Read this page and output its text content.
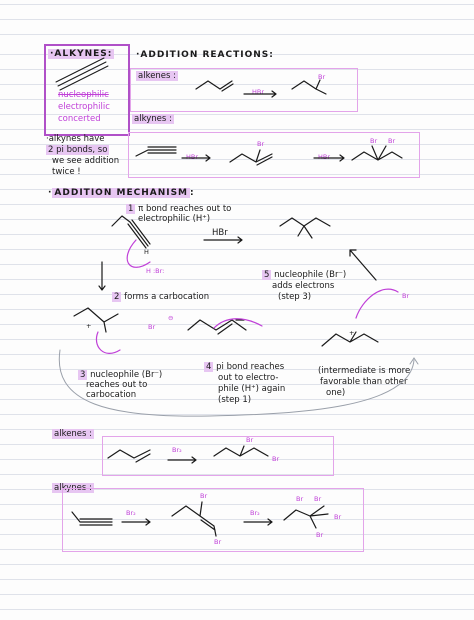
·ALKYNES:
nucleophilic
electrophilic
concerted
·ADDITION REACTIONS:
alkenes :
alkynes :
HBr
Br
·alkynes have
2 pi bonds, so
we see addition
twice !
HBr
Br
HBr
Br Br
· ADDITION MECHANISM :
1 π bond reaches out to
electrophilic (H⁺)
HBr
H
H :Br:
2 forms a carbocation
3 nucleophile (Br⁻)
reaches out to
carbocation
4 pi bond reaches
out to electro-
phile (H⁺) again
(step 1)
5 nucleophile (Br⁻)
adds electrons
(step 3)
(intermediate is more
favorable than other
one)
+
⊖
Br
Br
+
alkenes :
Br₂
Br
Br
alkynes :
Br₂
Br
Br
Br₂
Br Br
Br
Br
